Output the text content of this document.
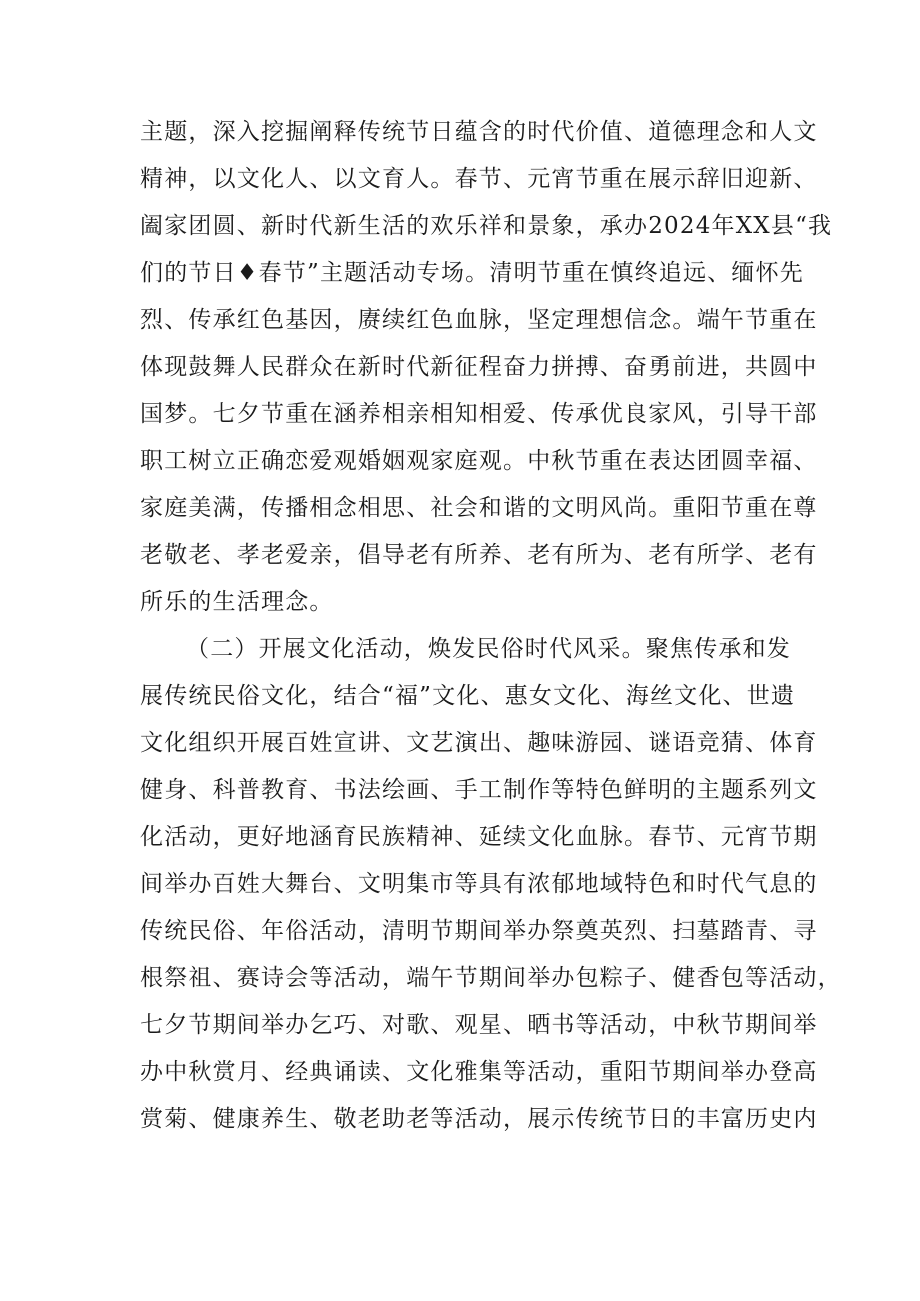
主题，深入挖掘阐释传统节日蕴含的时代价值、道德理念和人文
精神，以文化人、以文育人。春节、元宵节重在展示辞旧迎新、
阖家团圆、新时代新生活的欢乐祥和景象，承办2024年XX县“我
们的节日♦春节”主题活动专场。清明节重在慎终追远、缅怀先
烈、传承红色基因，赓续红色血脉，坚定理想信念。端午节重在
体现鼓舞人民群众在新时代新征程奋力拼搏、奋勇前进，共圆中
国梦。七夕节重在涵养相亲相知相爱、传承优良家风，引导干部
职工树立正确恋爱观婚姻观家庭观。中秋节重在表达团圆幸福、
家庭美满，传播相念相思、社会和谐的文明风尚。重阳节重在尊
老敬老、孝老爱亲，倡导老有所养、老有所为、老有所学、老有
所乐的生活理念。
（二）开展文化活动，焕发民俗时代风采。聚焦传承和发
展传统民俗文化，结合“福”文化、惠女文化、海丝文化、世遗
文化组织开展百姓宣讲、文艺演出、趣味游园、谜语竞猜、体育
健身、科普教育、书法绘画、手工制作等特色鲜明的主题系列文
化活动，更好地涵育民族精神、延续文化血脉。春节、元宵节期
间举办百姓大舞台、文明集市等具有浓郁地域特色和时代气息的
传统民俗、年俗活动，清明节期间举办祭奠英烈、扫墓踏青、寻
根祭祖、赛诗会等活动，端午节期间举办包粽子、健香包等活动，
七夕节期间举办乞巧、对歌、观星、晒书等活动，中秋节期间举
办中秋赏月、经典诵读、文化雅集等活动，重阳节期间举办登高
赏菊、健康养生、敬老助老等活动，展示传统节日的丰富历史内
